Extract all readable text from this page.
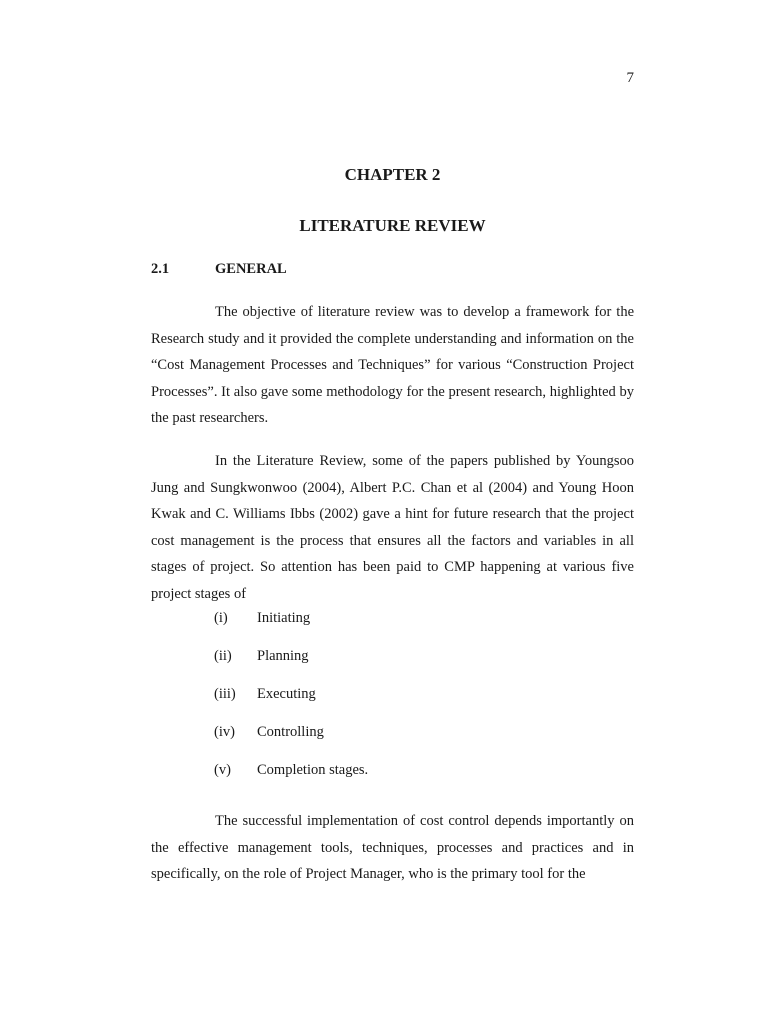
7
CHAPTER 2
LITERATURE REVIEW
2.1	GENERAL

The objective of literature review was to develop a framework for the Research study and it provided the complete understanding and information on the “Cost Management Processes and Techniques” for various “Construction Project Processes”. It also gave some methodology for the present research, highlighted by the past researchers.

In the Literature Review, some of the papers published by Youngsoo Jung and Sungkwonwoo (2004), Albert P.C. Chan et al (2004) and Young Hoon Kwak and C. Williams Ibbs (2002) gave a hint for future research that the project cost management is the process that ensures all the factors and variables in all stages of project. So attention has been paid to CMP happening at various five project stages of

(i)	Initiating
(ii)	Planning
(iii)	Executing
(iv)	Controlling
(v)	Completion stages.

The successful implementation of cost control depends importantly on the effective management tools, techniques, processes and practices and in specifically, on the role of Project Manager, who is the primary tool for the
